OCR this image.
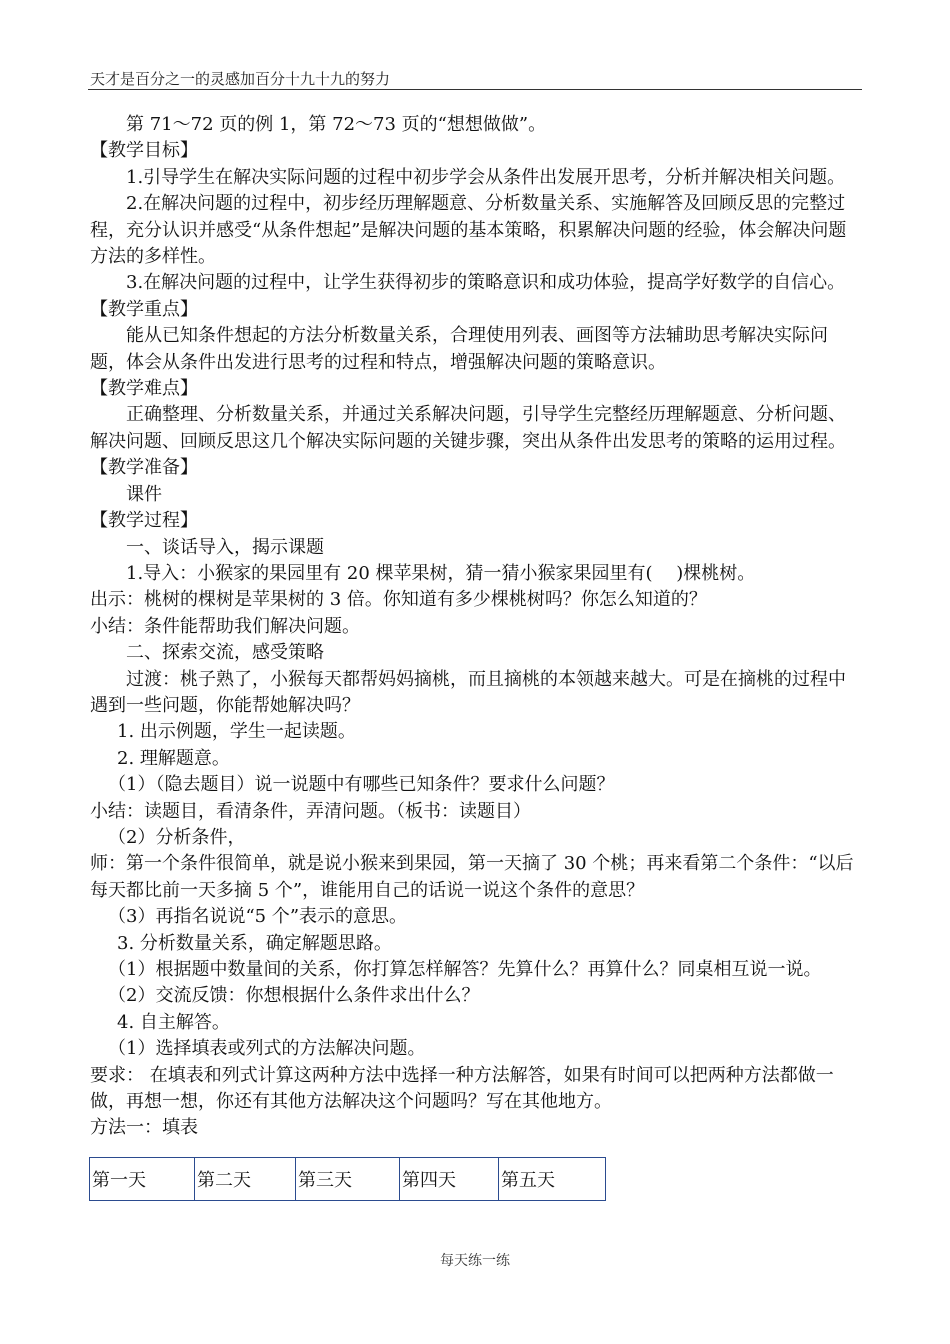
天才是百分之一的灵感加百分十九十九的努力

第 71～72 页的例 1，第 72～73 页的“想想做做”。

【教学目标】

1.引导学生在解决实际问题的过程中初步学会从条件出发展开思考，分析并解决相关问题。

2.在解决问题的过程中，初步经历理解题意、分析数量关系、实施解答及回顾反思的完整过程，充分认识并感受“从条件想起”是解决问题的基本策略，积累解决问题的经验，体会解决问题方法的多样性。

3.在解决问题的过程中，让学生获得初步的策略意识和成功体验，提高学好数学的自信心。

【教学重点】

能从已知条件想起的方法分析数量关系，合理使用列表、画图等方法辅助思考解决实际问题，体会从条件出发进行思考的过程和特点，增强解决问题的策略意识。

【教学难点】

正确整理、分析数量关系，并通过关系解决问题，引导学生完整经历理解题意、分析问题、解决问题、回顾反思这几个解决实际问题的关键步骤，突出从条件出发思考的策略的运用过程。

【教学准备】

课件

【教学过程】

一、谈话导入，揭示课题

1.导入：小猴家的果园里有 20 棵苹果树，猜一猜小猴家果园里有(　 )棵桃树。

出示：桃树的棵树是苹果树的 3 倍。你知道有多少棵桃树吗？你怎么知道的？

小结：条件能帮助我们解决问题。

二、探索交流，感受策略

过渡：桃子熟了，小猴每天都帮妈妈摘桃，而且摘桃的本领越来越大。可是在摘桃的过程中遇到一些问题，你能帮她解决吗？

1. 出示例题，学生一起读题。

2. 理解题意。

（1）（隐去题目）说一说题中有哪些已知条件？要求什么问题？

小结：读题目，看清条件，弄清问题。（板书：读题目）

（2）分析条件，

师：第一个条件很简单，就是说小猴来到果园，第一天摘了 30 个桃；再来看第二个条件：“以后每天都比前一天多摘 5 个”，谁能用自己的话说一说这个条件的意思？

（3）再指名说说“5 个”表示的意思。

3. 分析数量关系，确定解题思路。

（1）根据题中数量间的关系，你打算怎样解答？先算什么？再算什么？同桌相互说一说。

（2）交流反馈：你想根据什么条件求出什么？

4. 自主解答。

（1）选择填表或列式的方法解决问题。

要求： 在填表和列式计算这两种方法中选择一种方法解答，如果有时间可以把两种方法都做一做，再想一想，你还有其他方法解决这个问题吗？写在其他地方。

方法一：填表

第一天	第二天	第三天	第四天	第五天
每天练一练
